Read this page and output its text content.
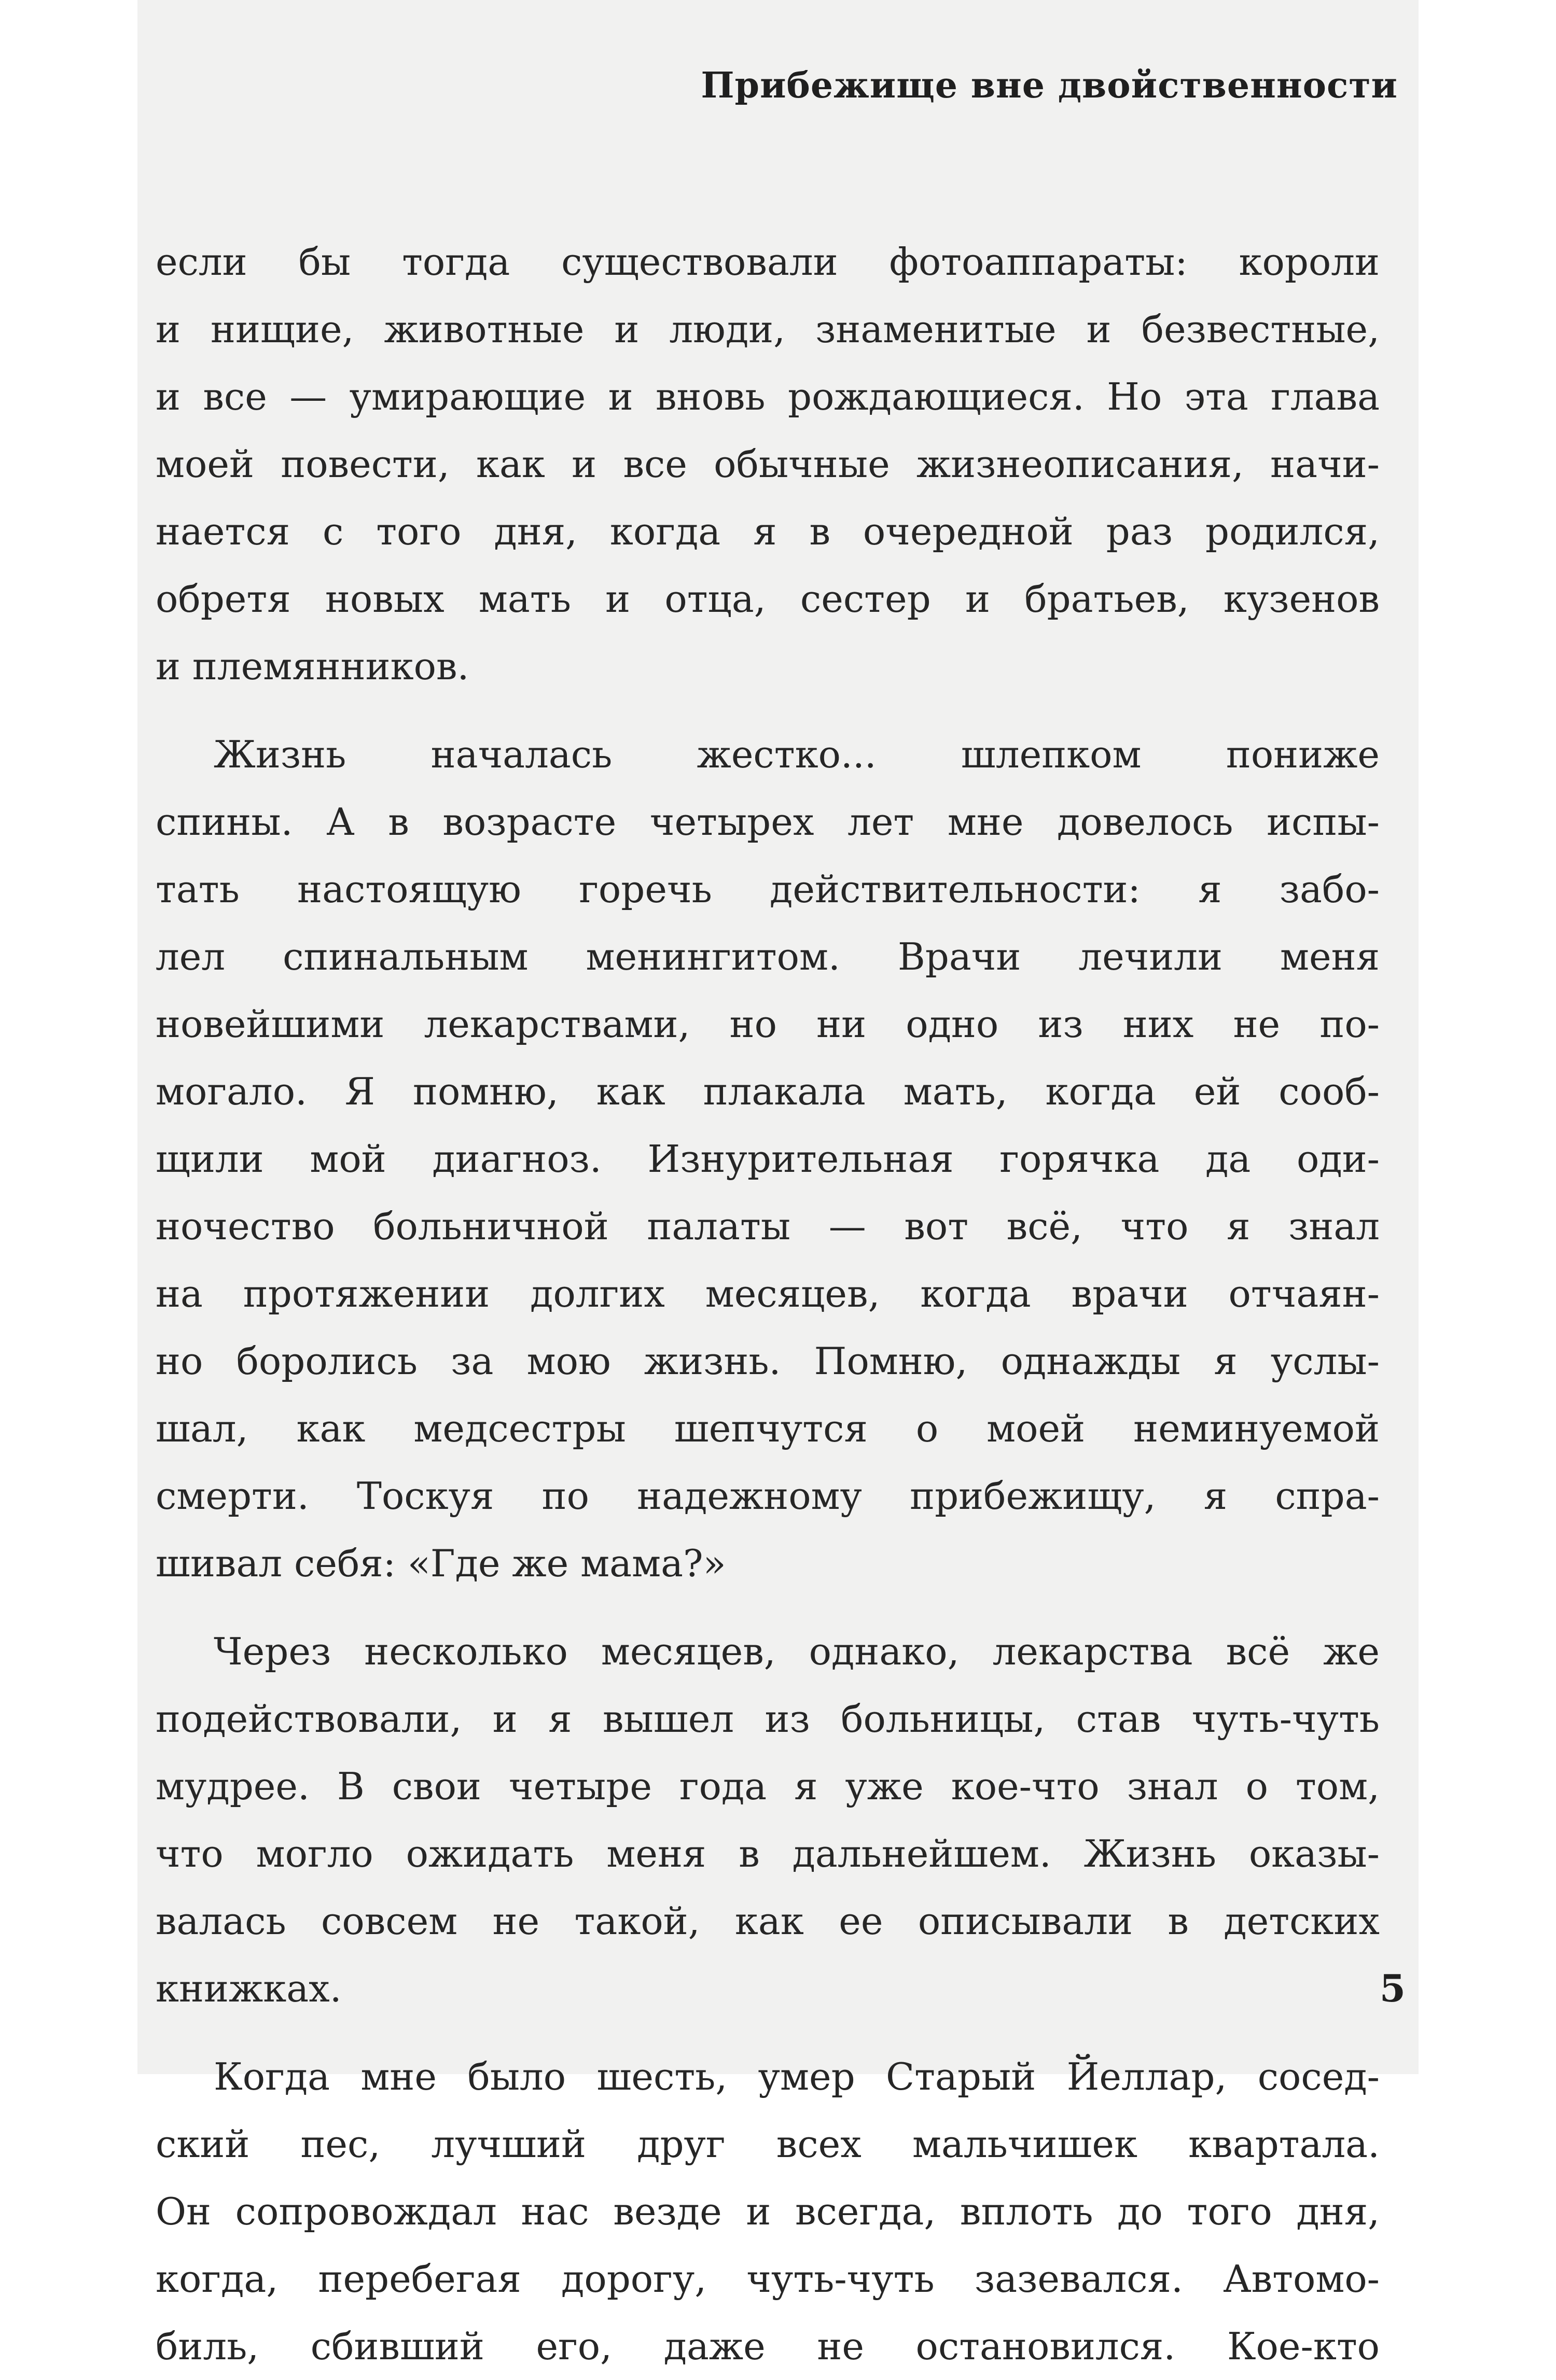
Прибежище вне двойственности
если бы тогда существовали фотоаппараты: короли
и нищие, животные и люди, знаменитые и безвестные,
и все — умирающие и вновь рождающиеся. Но эта глава
моей повести, как и все обычные жизнеописания, начи-
нается с того дня, когда я в очередной раз родился,
обретя новых мать и отца, сестер и братьев, кузенов
и племянников.
Жизнь началась жестко... шлепком пониже
спины. А в возрасте четырех лет мне довелось испы-
тать настоящую горечь действительности: я забо-
лел спинальным менингитом. Врачи лечили меня
новейшими лекарствами, но ни одно из них не по-
могало. Я помню, как плакала мать, когда ей сооб-
щили мой диагноз. Изнурительная горячка да оди-
ночество больничной палаты — вот всё, что я знал
на протяжении долгих месяцев, когда врачи отчаян-
но боролись за мою жизнь. Помню, однажды я услы-
шал, как медсестры шепчутся о моей неминуемой
смерти. Тоскуя по надежному прибежищу, я спра-
шивал себя: «Где же мама?»
Через несколько месяцев, однако, лекарства всё же
подействовали, и я вышел из больницы, став чуть-чуть
мудрее. В свои четыре года я уже кое-что знал о том,
что могло ожидать меня в дальнейшем. Жизнь оказы-
валась совсем не такой, как ее описывали в детских
книжках.
Когда мне было шесть, умер Старый Йеллар, сосед-
ский пес, лучший друг всех мальчишек квартала.
Он сопровождал нас везде и всегда, вплоть до того дня,
когда, перебегая дорогу, чуть-чуть зазевался. Автомо-
биль, сбивший его, даже не остановился. Кое-кто
5
